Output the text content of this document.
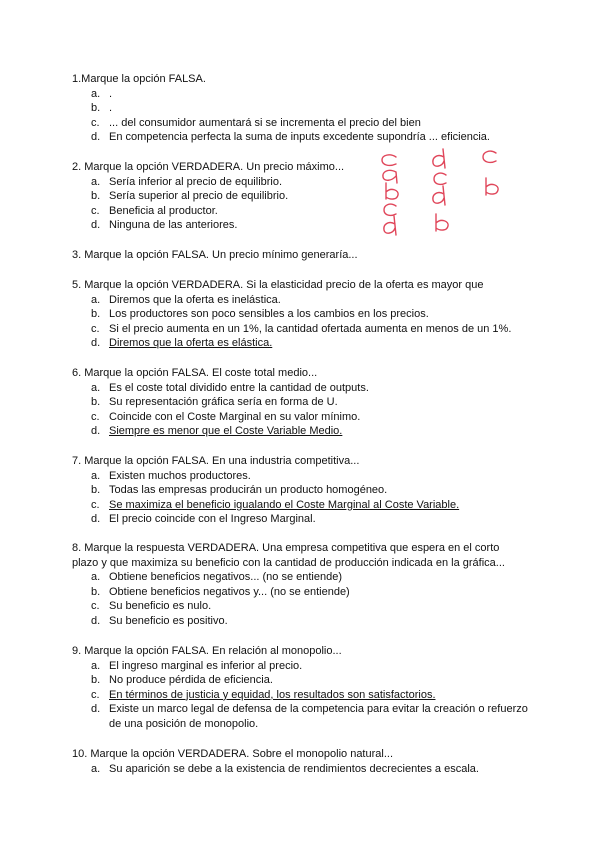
1.Marque la opción FALSA.
a. .
b. .
c. ... del consumidor aumentará si se incrementa el precio del bien
d. En competencia perfecta la suma de inputs excedente supondría ... eficiencia.
2. Marque la opción VERDADERA. Un precio máximo...
a. Sería inferior al precio de equilibrio.
b. Sería superior al precio de equilibrio.
c. Beneficia al productor.
d. Ninguna de las anteriores.
3. Marque la opción FALSA. Un precio mínimo generaría...
5. Marque la opción VERDADERA. Si la elasticidad precio de la oferta es mayor que
a. Diremos que la oferta es inelástica.
b. Los productores son poco sensibles a los cambios en los precios.
c. Si el precio aumenta en un 1%, la cantidad ofertada aumenta en menos de un 1%.
d. Diremos que la oferta es elástica.
6. Marque la opción FALSA. El coste total medio...
a. Es el coste total dividido entre la cantidad de outputs.
b. Su representación gráfica sería en forma de U.
c. Coincide con el Coste Marginal en su valor mínimo.
d. Siempre es menor que el Coste Variable Medio.
7. Marque la opción FALSA. En una industria competitiva...
a. Existen muchos productores.
b. Todas las empresas producirán un producto homogéneo.
c. Se maximiza el beneficio igualando el Coste Marginal al Coste Variable.
d. El precio coincide con el Ingreso Marginal.
8. Marque la respuesta VERDADERA. Una empresa competitiva que espera en el corto plazo y que maximiza su beneficio con la cantidad de producción indicada en la gráfica...
a. Obtiene beneficios negativos... (no se entiende)
b. Obtiene beneficios negativos y... (no se entiende)
c. Su beneficio es nulo.
d. Su beneficio es positivo.
9. Marque la opción FALSA. En relación al monopolio...
a. El ingreso marginal es inferior al precio.
b. No produce pérdida de eficiencia.
c. En términos de justicia y equidad, los resultados son satisfactorios.
d. Existe un marco legal de defensa de la competencia para evitar la creación o refuerzo de una posición de monopolio.
10. Marque la opción VERDADERA. Sobre el monopolio natural...
a. Su aparición se debe a la existencia de rendimientos decrecientes a escala.
